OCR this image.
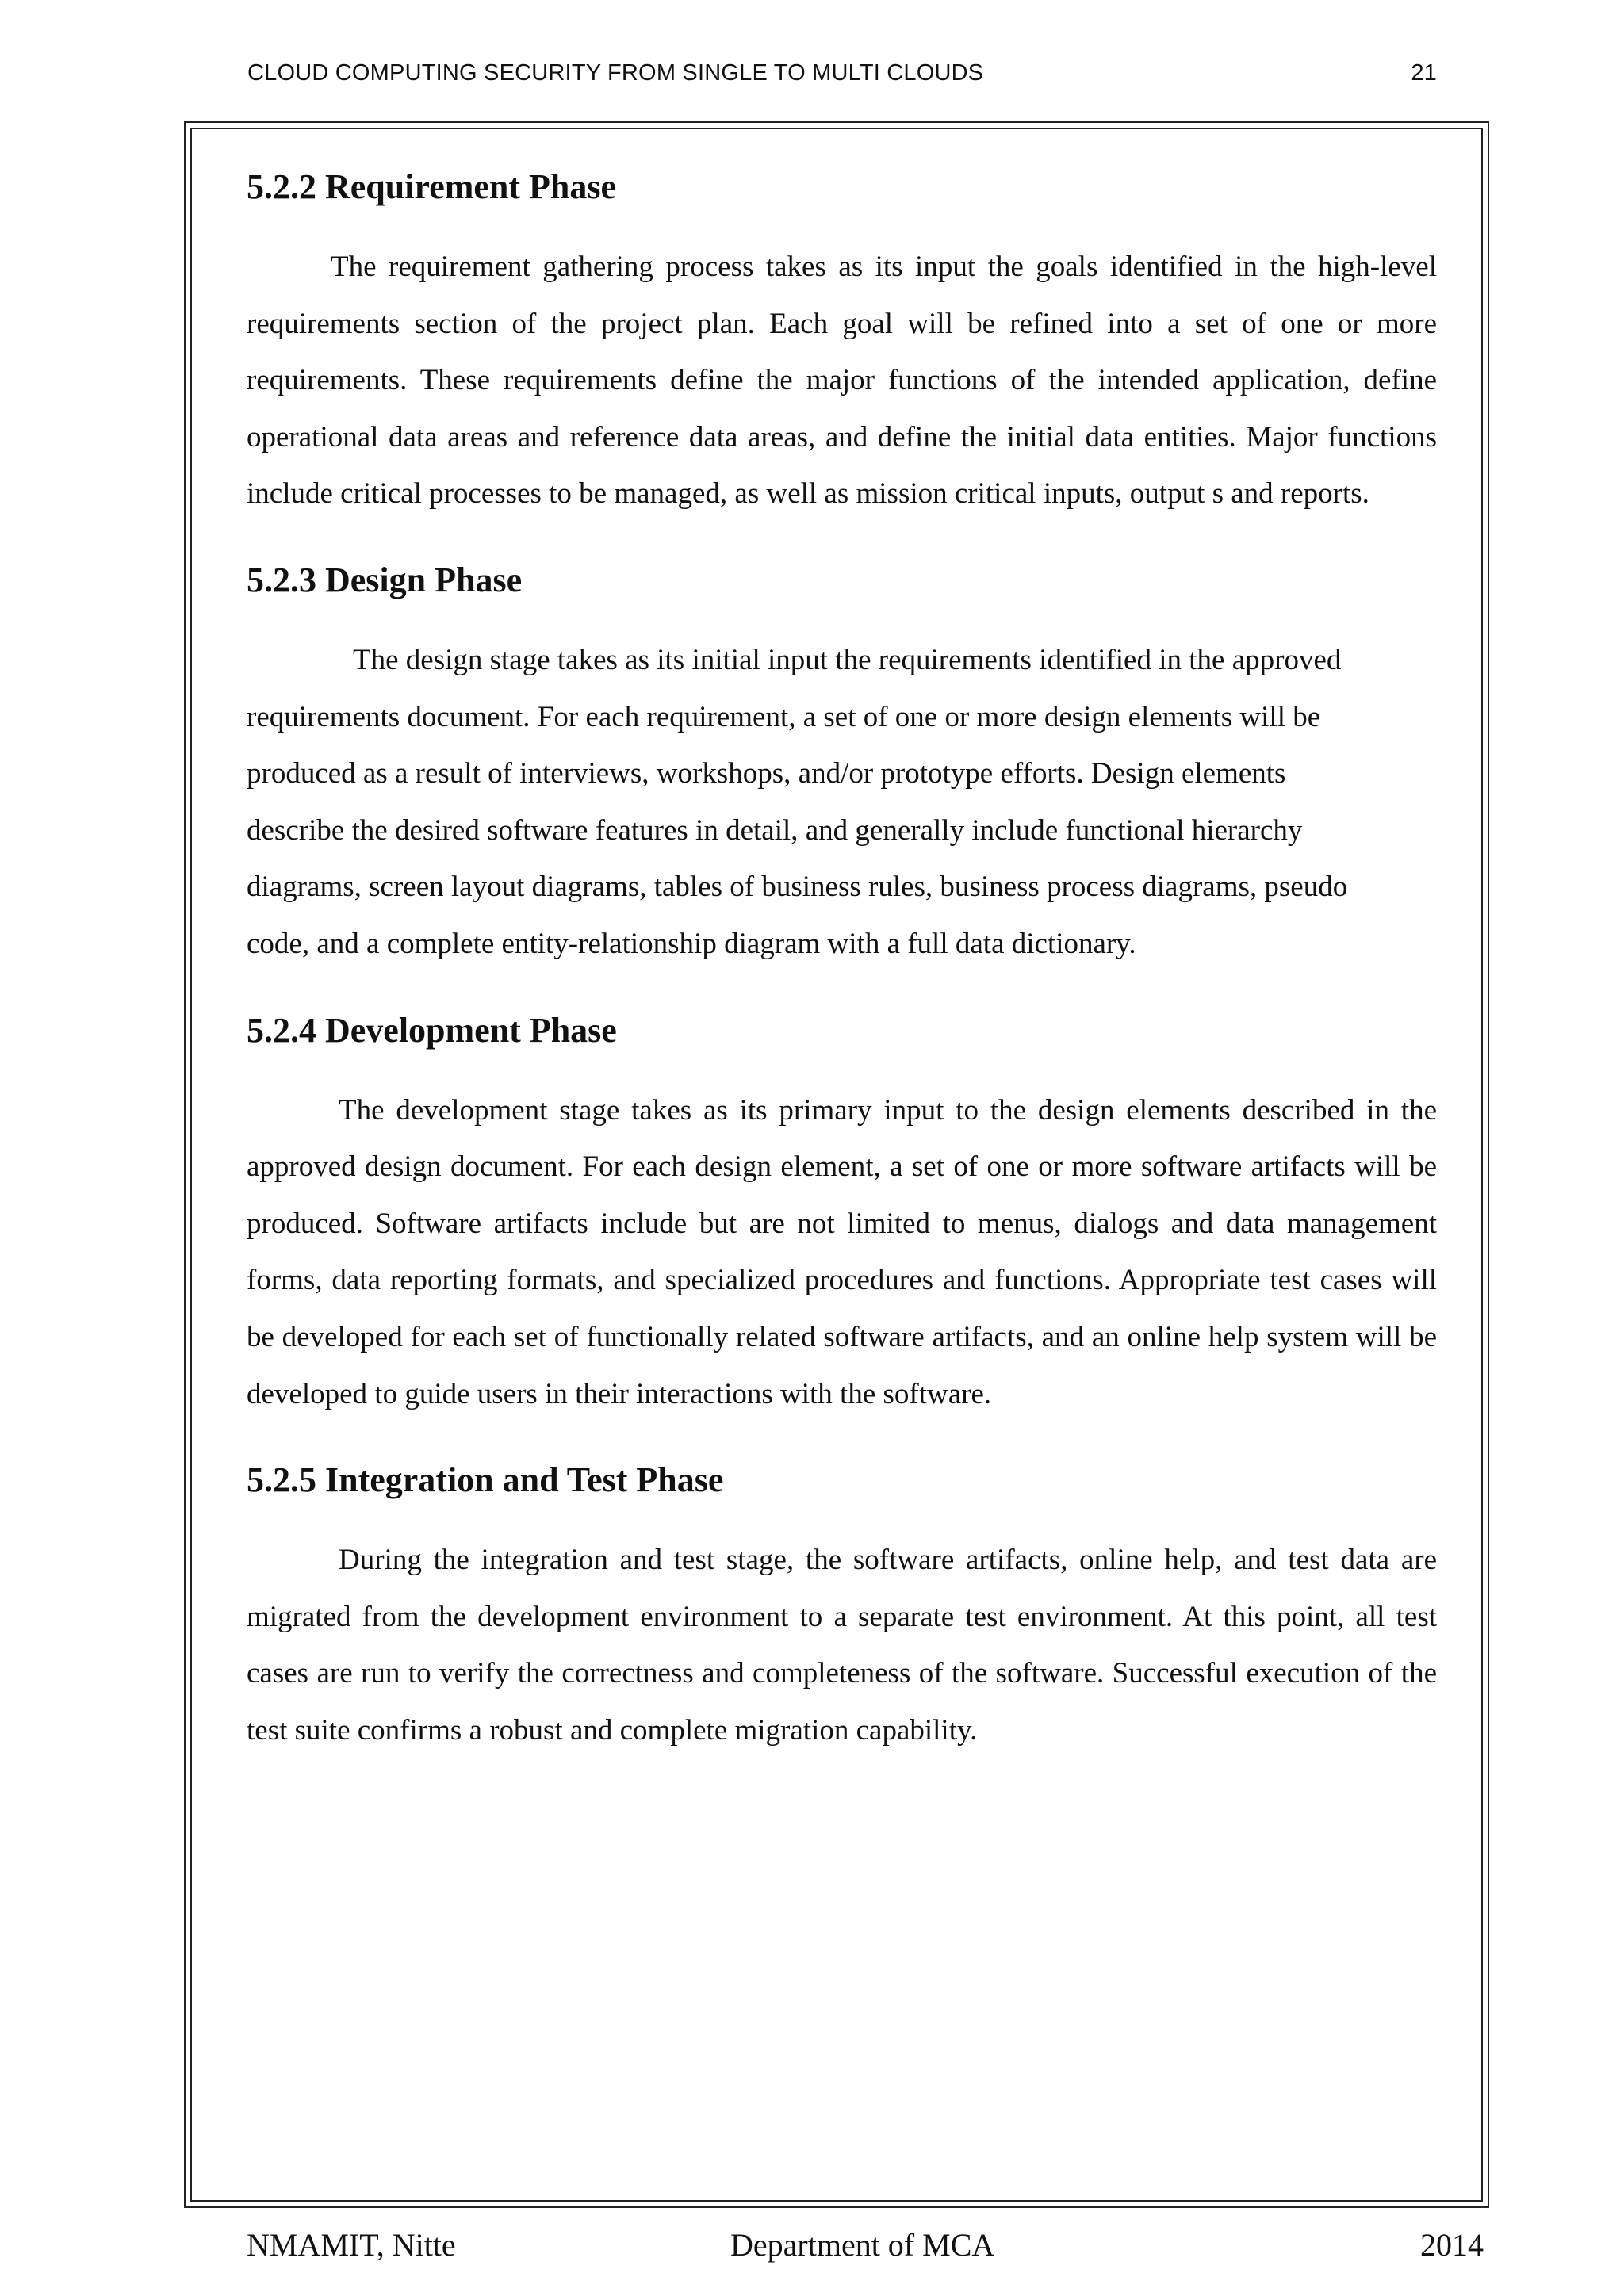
CLOUD COMPUTING SECURITY FROM SINGLE TO MULTI CLOUDS	21
5.2.2 Requirement Phase

The requirement gathering process takes as its input the goals identified in the high-level requirements section of the project plan. Each goal will be refined into a set of one or more requirements. These requirements define the major functions of the intended application, define operational data areas and reference data areas, and define the initial data entities. Major functions include critical processes to be managed, as well as mission critical inputs, output s and reports.

5.2.3 Design Phase

The design stage takes as its initial input the requirements identified in the approved requirements document. For each requirement, a set of one or more design elements will be produced as a result of interviews, workshops, and/or prototype efforts. Design elements describe the desired software features in detail, and generally include functional hierarchy diagrams, screen layout diagrams, tables of business rules, business process diagrams, pseudo code, and a complete entity-relationship diagram with a full data dictionary.

5.2.4 Development Phase

The development stage takes as its primary input to the design elements described in the approved design document. For each design element, a set of one or more software artifacts will be produced. Software artifacts include but are not limited to menus, dialogs and data management forms, data reporting formats, and specialized procedures and functions. Appropriate test cases will be developed for each set of functionally related software artifacts, and an online help system will be developed to guide users in their interactions with the software.

5.2.5 Integration and Test Phase

During the integration and test stage, the software artifacts, online help, and test data are migrated from the development environment to a separate test environment. At this point, all test cases are run to verify the correctness and completeness of the software. Successful execution of the test suite confirms a robust and complete migration capability.

NMAMIT, Nitte	Department of MCA	2014
